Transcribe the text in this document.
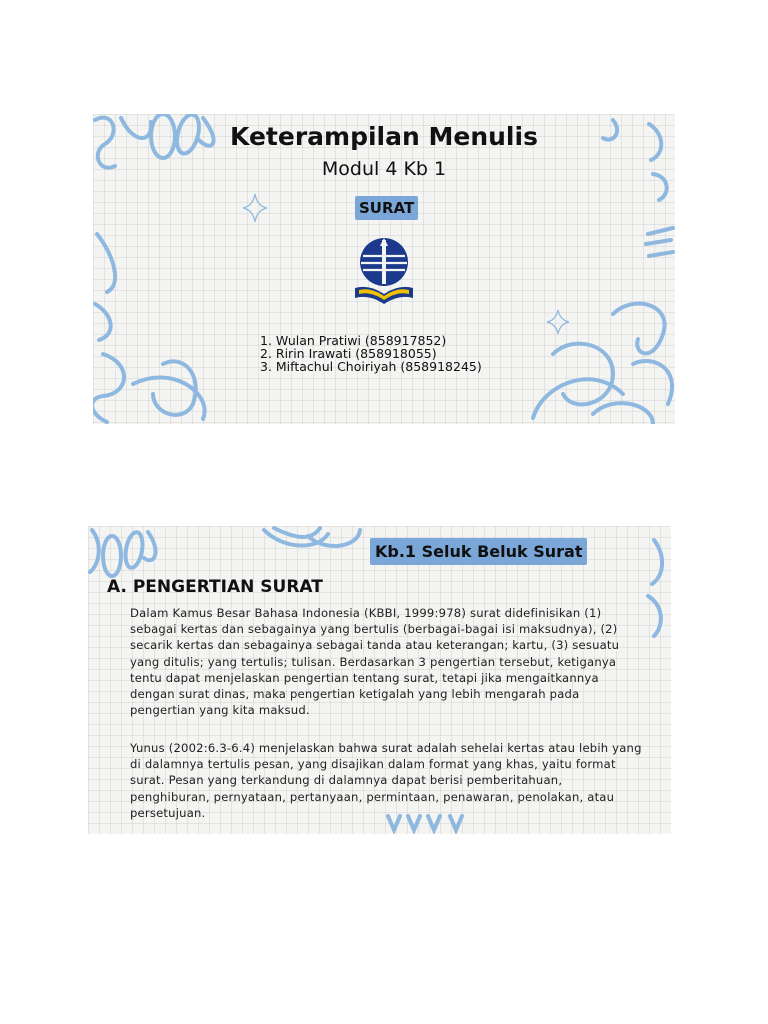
Keterampilan Menulis
Modul 4 Kb 1
SURAT
1. Wulan Pratiwi (858917852)
2. Ririn Irawati (858918055)
3. Miftachul Choiriyah (858918245)
Kb.1 Seluk Beluk Surat
A. PENGERTIAN SURAT

Dalam Kamus Besar Bahasa Indonesia (KBBI, 1999:978) surat didefinisikan (1) sebagai kertas dan sebagainya yang bertulis (berbagai-bagai isi maksudnya), (2) secarik kertas dan sebagainya sebagai tanda atau keterangan; kartu, (3) sesuatu yang ditulis; yang tertulis; tulisan. Berdasarkan 3 pengertian tersebut, ketiganya tentu dapat menjelaskan pengertian tentang surat, tetapi jika mengaitkannya dengan surat dinas, maka pengertian ketigalah yang lebih mengarah pada pengertian yang kita maksud.

Yunus (2002:6.3-6.4) menjelaskan bahwa surat adalah sehelai kertas atau lebih yang di dalamnya tertulis pesan, yang disajikan dalam format yang khas, yaitu format surat. Pesan yang terkandung di dalamnya dapat berisi pemberitahuan, penghiburan, pernyataan, pertanyaan, permintaan, penawaran, penolakan, atau persetujuan.
